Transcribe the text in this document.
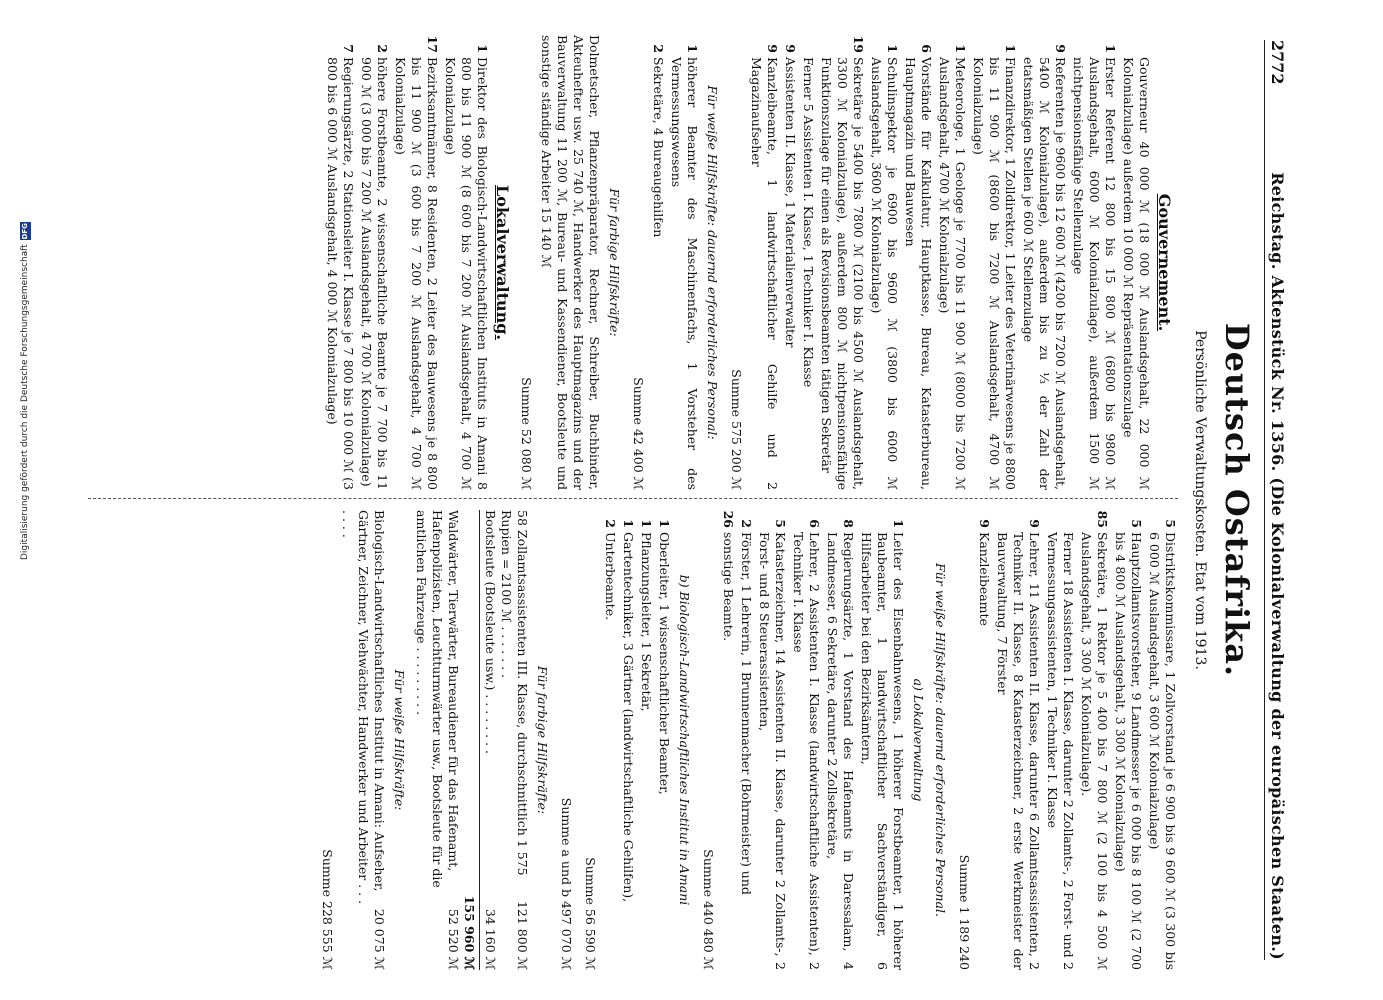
2772
Reichstag. Aktenstück Nr. 1356. (Die Kolonialverwaltung der europäischen Staaten.)
Deutsch Ostafrika.
Persönliche Verwaltungskosten. Etat vom 1913.
Gouvernement.
Gouverneur 40 000 ℳ (18 000 ℳ Auslandsgehalt, 22 000 ℳ Kolonialzulage) außerdem 10 000 ℳ Repräsentationszulage
1
Erster Referent 12 800 bis 15 800 ℳ (6800 bis 9800 ℳ Auslandsgehalt, 6000 ℳ Kolonialzulage), außerdem 1500 ℳ nichtpensionsfähige Stellenzulage
9
Referenten je 9600 bis 12 600 ℳ (4200 bis 7200 ℳ Auslandsgehalt, 5400 ℳ Kolonialzulage), außerdem bis zu ⅓ der Zahl der etatsmäßigen Stellen je 600 ℳ Stellenzulage
1
Finanzdirektor, 1 Zolldirektor, 1 Leiter des Veterinärwesens je 8800 bis 11 900 ℳ (8600 bis 7200 ℳ Auslandsgehalt, 4700 ℳ Kolonialzulage)
1
Meteorologe, 1 Geologe je 7700 bis 11 900 ℳ (8000 bis 7200 ℳ Auslandsgehalt, 4700 ℳ Kolonialzulage)
6
Vorstände für Kalkulatur, Hauptkasse, Bureau, Katasterbureau, Hauptmagazin und Bauwesen
1
Schulinspektor je 6900 bis 9600 ℳ (3800 bis 6000 ℳ Auslandsgehalt, 3600 ℳ Kolonialzulage)
19
Sekretäre je 5400 bis 7800 ℳ (2100 bis 4500 ℳ Auslandsgehalt, 3300 ℳ Kolonialzulage), außerdem 800 ℳ nichtpensionsfähige Funktionszulage für einen als Revisionsbeamten tätigen Sekretär
Ferner 5 Assistenten I. Klasse, 1 Techniker I. Klasse
9
Assistenten II. Klasse, 1 Materialienverwalter
9
Kanzleibeamte, 1 landwirtschaftlicher Gehilfe und 2 Magazinaufseher
Summe 575 200 ℳ
Für weiße Hilfskräfte: dauernd erforderliches Personal:
1
höherer Beamter des Maschinenfachs, 1 Vorsteher des Vermessungswesens
2
Sekretäre, 4 Bureaugehilfen
Summe 42 400 ℳ
Für farbige Hilfskräfte:
Dolmetscher, Pflanzenpräparator, Rechner, Schreiber, Buchbinder, Akteuhefter usw. 25 740 ℳ, Handwerker des Hauptmagazins und der Bauverwaltung 11 200 ℳ, Bureau- und Kassendiener, Bootsleute und sonstige ständige Arbeiter 15 140 ℳ
Summe 52 080 ℳ
Lokalverwaltung.
1
Direktor des Biologisch-Landwirtschaftlichen Instituts in Amani 8 800 bis 11 900 ℳ (8 600 bis 7 200 ℳ Auslandsgehalt, 4 700 ℳ Kolonialzulage)
17
Bezirksamtmänner, 8 Residenten, 2 Leiter des Bauwesens je 8 800 bis 11 900 ℳ (3 600 bis 7 200 ℳ Auslandsgehalt, 4 700 ℳ Kolonialzulage)
2
höhere Forstbeamte, 2 wissenschaftliche Beamte je 7 700 bis 11 900 ℳ (3 000 bis 7 200 ℳ Auslandsgehalt, 4 700 ℳ Kolonialzulage)
7
Regierungsärzte, 2 Stationsleiter I. Klasse je 7 800 bis 10 000 ℳ (3 800 bis 6 000 ℳ Auslandsgehalt, 4 000 ℳ Kolonialzulage)
5
Distriktskommissare, 1 Zollvorstand je 6 900 bis 9 600 ℳ (3 300 bis 6 000 ℳ Auslandsgehalt, 3 600 ℳ Kolonialzulage)
5
Hauptzollamtsvorsteher, 9 Landmesser je 6 000 bis 8 100 ℳ (2 700 bis 4 800 ℳ Auslandsgehalt, 3 300 ℳ Kolonialzulage)
85
Sekretäre, 1 Rektor je 5 400 bis 7 800 ℳ (2 100 bis 4 500 ℳ Auslandsgehalt, 3 300 ℳ Kolonialzulage).
Ferner 18 Assistenten I. Klasse, darunter 2 Zollamts-, 2 Forst- und 2 Vermessungsassistenten, 1 Techniker I. Klasse
9
Lehrer, 11 Assistenten II. Klasse, darunter 6 Zollamtsassistenten, 2 Techniker II. Klasse, 8 Katasterzeichner, 2 erste Werkmeister der Bauverwaltung, 7 Förster
9
Kanzleibeamte
Summe 1 189 240
Für weiße Hilfskräfte: dauernd erforderliches Personal.
a) Lokalverwaltung
1
Leiter des Eisenbahnwesens, 1 höherer Forstbeamter, 1 höherer Baubeamter, 1 landwirtschaftlicher Sachverständiger, 6 Hilfsarbeiter bei den Bezirksämtern,
8
Regierungsärzte, 1 Vorstand des Hafenamts in Daressalam, 4 Landmesser, 6 Sekretäre, darunter 2 Zollsekretäre,
6
Lehrer, 2 Assistenten I. Klasse (landwirtschaftliche Assistenten), 2 Techniker I. Klasse
5
Katasterzeichner, 14 Assistenten II. Klasse, darunter 2 Zollamts-, 2 Forst- und 8 Steuerassistenten,
2
Förster, 1 Lehrerin, 1 Brunnenmacher (Bohrmeister) und
26
sonstige Beamte.
Summe 440 480 ℳ
b) Biologisch-Landwirtschaftliches Institut in Amani
1
Oberleiter, 1 wissenschaftlicher Beamter,
1
Pflanzungsleiter, 1 Sekretär,
1
Gartentechniker, 3 Gärtner (landwirtschaftliche Gehilfen),
2
Unterbeamte.
Summe 56 590 ℳ
Summe a und b 497 070 ℳ
Für farbige Hilfskräfte:
58 Zollamtsassistenten III. Klasse, durchschnittlich 1 575 Rupien = 2100 ℳ . . . . . . .
121 800 ℳ
Bootsleute (Bootsleute usw.) . . . . . . . .
34 160 ℳ
155 960 ℳ
Waldwärter, Tierwärter, Bureaudiener für das Hafenamt, Hafenpolizisten, Leuchtturmwärter usw., Bootsleute für die amtlichen Fahrzeuge . . . . . . . . .
52 520 ℳ
Für weiße Hilfskräfte:
Biologisch-Landwirtschaftliches Institut in Amani: Aufseher, Gärtner, Zeichner, Viehwächter, Handwerker und Arbeiter . . . . . . .
20 075 ℳ
Summe 228 555 ℳ
Digitalisierung gefördert durch die Deutsche Forschungsgemeinschaft
DFG
